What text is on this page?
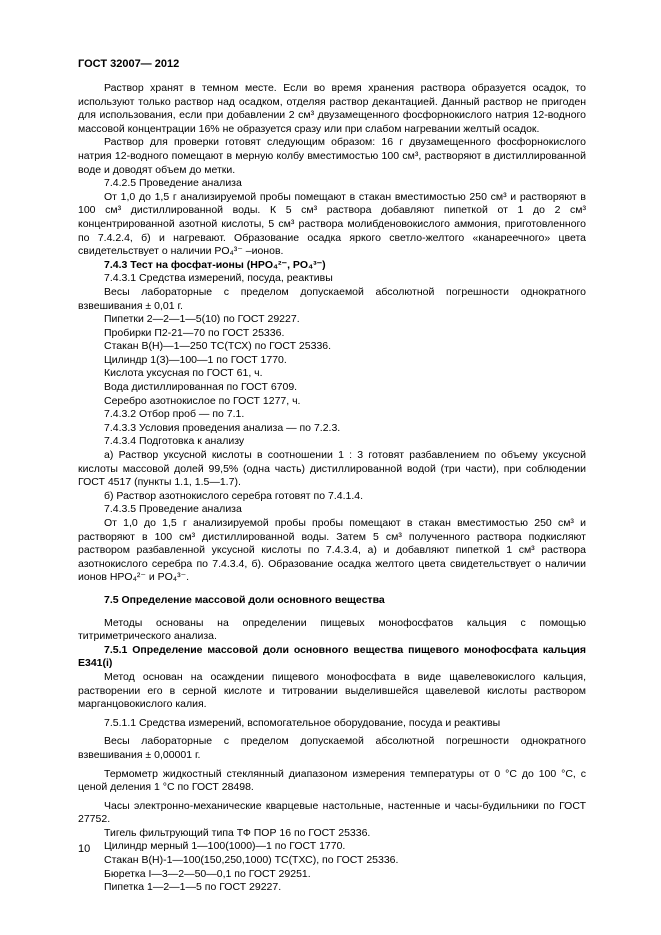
ГОСТ 32007— 2012

Раствор хранят в темном месте. Если во время хранения раствора образуется осадок, то используют только раствор над осадком, отделяя раствор декантацией. Данный раствор не пригоден для использования, если при добавлении 2 см³ двузамещенного фосфорнокислого натрия 12-водного массовой концентрации 16% не образуется сразу или при слабом нагревании желтый осадок.

Раствор для проверки готовят следующим образом: 16 г двузамещенного фосфорнокислого натрия 12-водного помещают в мерную колбу вместимостью 100 см³, растворяют в дистиллированной воде и доводят объем до метки.

7.4.2.5 Проведение анализа

От 1,0 до 1,5 г анализируемой пробы помещают в стакан вместимостью 250 см³ и растворяют в 100 см³ дистиллированной воды. К 5 см³ раствора добавляют пипеткой от 1 до 2 см³ концентрированной азотной кислоты, 5 см³ раствора молибденовокислого аммония, приготовленного по 7.4.2.4, б) и нагревают. Образование осадка яркого светло-желтого «канареечного» цвета свидетельствует о наличии PO₄³⁻ –ионов.

7.4.3 Тест на фосфат-ионы (HPO₄²⁻, PO₄³⁻)

7.4.3.1 Средства измерений, посуда, реактивы

Весы лабораторные с пределом допускаемой абсолютной погрешности однократного взвешивания ± 0,01 г.

Пипетки 2—2—1—5(10) по ГОСТ 29227.

Пробирки П2-21—70 по ГОСТ 25336.

Стакан В(Н)—1—250 ТС(ТСХ) по ГОСТ 25336.

Цилиндр 1(3)—100—1 по ГОСТ 1770.

Кислота уксусная по ГОСТ 61, ч.

Вода дистиллированная по ГОСТ 6709.

Серебро азотнокислое по ГОСТ 1277, ч.

7.4.3.2 Отбор проб — по 7.1.

7.4.3.3 Условия проведения анализа — по 7.2.3.

7.4.3.4 Подготовка к анализу

а) Раствор уксусной кислоты в соотношении 1 : 3 готовят разбавлением по объему уксусной кислоты массовой долей 99,5% (одна часть) дистиллированной водой (три части), при соблюдении ГОСТ 4517 (пункты 1.1, 1.5—1.7).

б) Раствор азотнокислого серебра готовят по 7.4.1.4.

7.4.3.5 Проведение анализа

От 1,0 до 1,5 г анализируемой пробы пробы помещают в стакан вместимостью 250 см³ и растворяют в 100 см³ дистиллированной воды. Затем 5 см³ полученного раствора подкисляют раствором разбавленной уксусной кислоты по 7.4.3.4, а) и добавляют пипеткой 1 см³ раствора азотнокислого серебра по 7.4.3.4, б). Образование осадка желтого цвета свидетельствует о наличии ионов HPO₄²⁻ и PO₄³⁻.

7.5 Определение массовой доли основного вещества

Методы основаны на определении пищевых монофосфатов кальция с помощью титриметрического анализа.

7.5.1 Определение массовой доли основного вещества пищевого монофосфата кальция Е341(i)

Метод основан на осаждении пищевого монофосфата в виде щавелевокислого кальция, растворении его в серной кислоте и титровании выделившейся щавелевой кислоты раствором марганцовокислого калия.

7.5.1.1 Средства измерений, вспомогательное оборудование, посуда и реактивы

Весы лабораторные с пределом допускаемой абсолютной погрешности однократного взвешивания ± 0,00001 г.

Термометр жидкостный стеклянный диапазоном измерения температуры от 0 °С до 100 °С, с ценой деления 1 °С по ГОСТ 28498.

Часы электронно-механические кварцевые настольные, настенные и часы-будильники по ГОСТ 27752.

Тигель фильтрующий типа ТФ ПОР 16 по ГОСТ 25336.

Цилиндр мерный 1—100(1000)—1 по ГОСТ 1770.

Стакан В(Н)-1—100(150,250,1000) ТС(ТХС), по ГОСТ 25336.

Бюретка I—3—2—50—0,1 по ГОСТ 29251.

Пипетка 1—2—1—5 по ГОСТ 29227.

10
